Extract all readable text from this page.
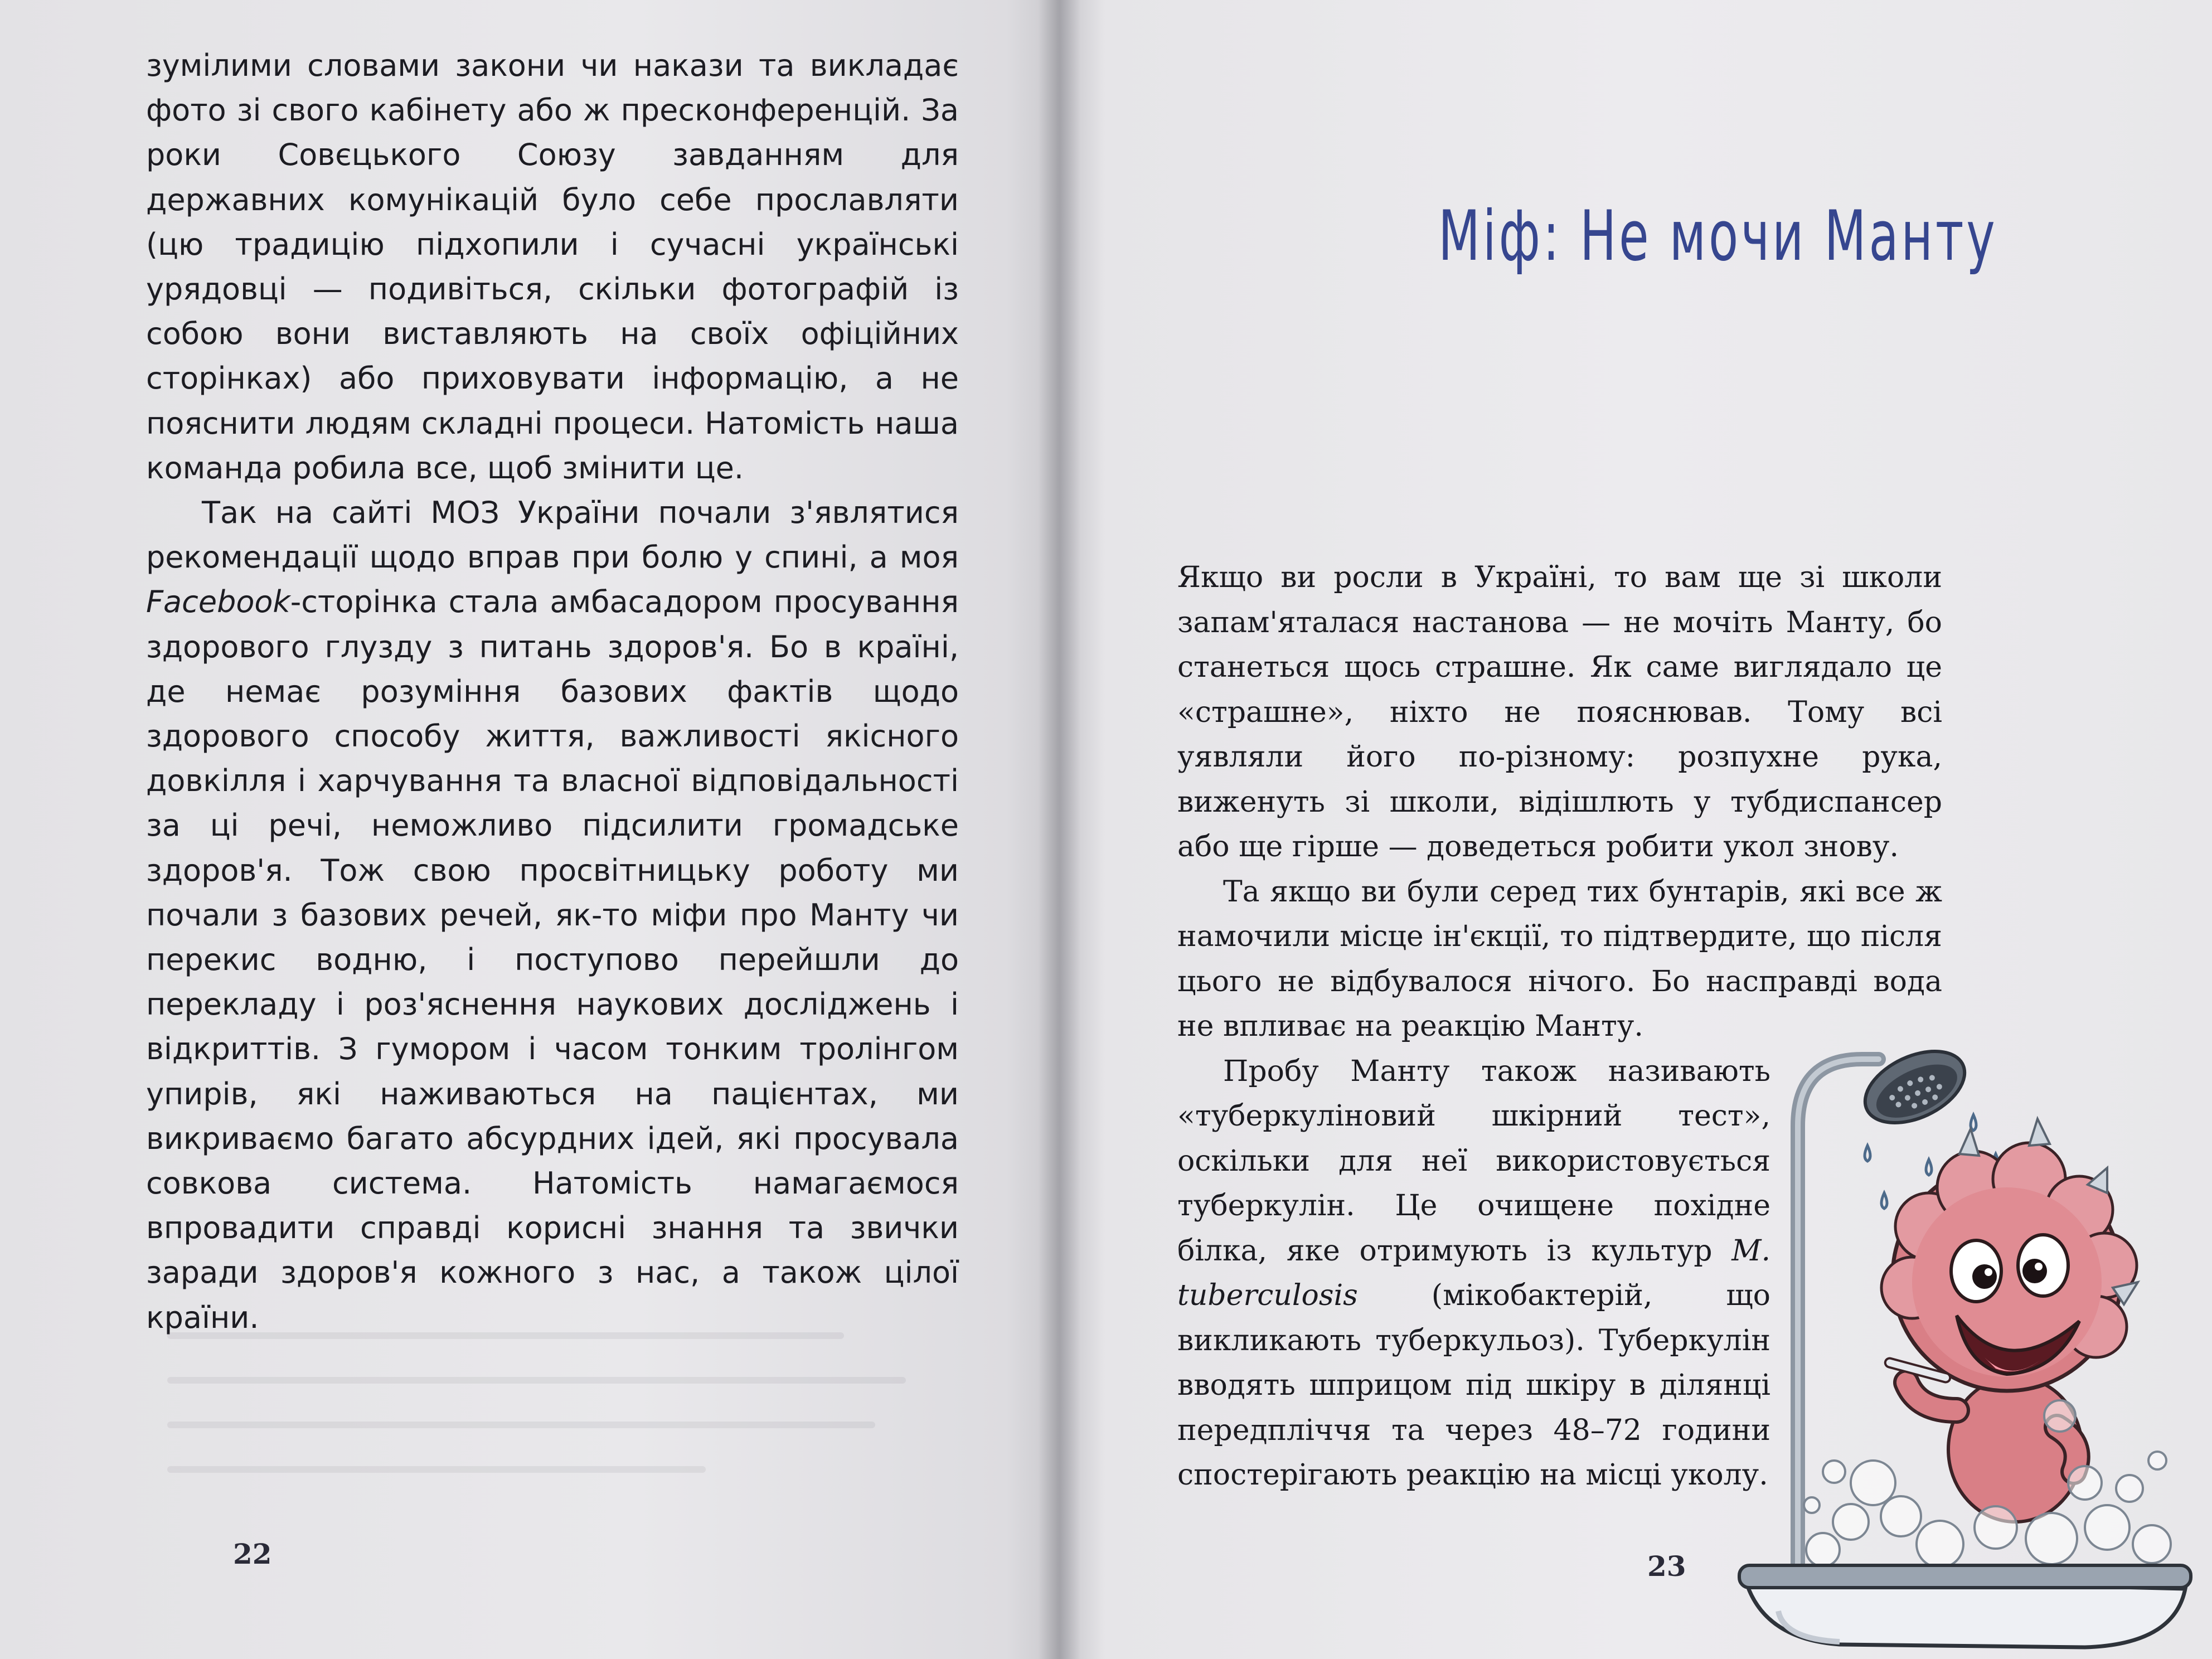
зумілими словами закони чи накази та викладає фото зі свого кабінету або ж пресконференцій. За роки Совєцького Союзу завданням для державних комунікацій було себе прославляти (цю традицію підхопили і сучасні українські урядовці — подивіться, скільки фотографій із собою вони виставляють на своїх офіційних сторінках) або приховувати інформацію, а не пояснити людям складні процеси. Натомість наша команда робила все, щоб змінити це.

Так на сайті МОЗ України почали з'являтися рекомендації щодо вправ при болю у спині, а моя Facebook-сторінка стала амбасадором просування здорового глузду з питань здоров'я. Бо в країні, де немає розуміння базових фактів щодо здорового способу життя, важливості якісного довкілля і харчування та власної відповідальності за ці речі, неможливо підсилити громадське здоров'я. Тож свою просвітницьку роботу ми почали з базових речей, як-то міфи про Манту чи перекис водню, і поступово перейшли до перекладу і роз'яснення наукових досліджень і відкриттів. З гумором і часом тонким тролінгом упирів, які наживаються на пацієнтах, ми викриваємо багато абсурдних ідей, які просувала совкова система. Натомість намагаємося впровадити справді корисні знання та звички заради здоров'я кожного з нас, а також цілої країни.

22
Міф: Не мочи Манту

Якщо ви росли в Україні, то вам ще зі школи запам'яталася настанова — не мочіть Манту, бо станеться щось страшне. Як саме виглядало це «страшне», ніхто не пояснював. Тому всі уявляли його по-різному: розпухне рука, виженуть зі школи, відішлють у тубдиспансер або ще гірше — доведеться робити укол знову.

Та якщо ви були серед тих бунтарів, які все ж намочили місце ін'єкції, то підтвердите, що після цього не відбувалося нічого. Бо насправді вода не впливає на реакцію Манту.

Пробу Манту також називають «туберкуліновий шкірний тест», оскільки для неї використовується туберкулін. Це очищене похідне білка, яке отримують із культур M. tuberculosis (мікобактерій, що викликають туберкульоз). Туберкулін вводять шприцом під шкіру в ділянці передпліччя та через 48–72 години спостерігають реакцію на місці уколу.

23
